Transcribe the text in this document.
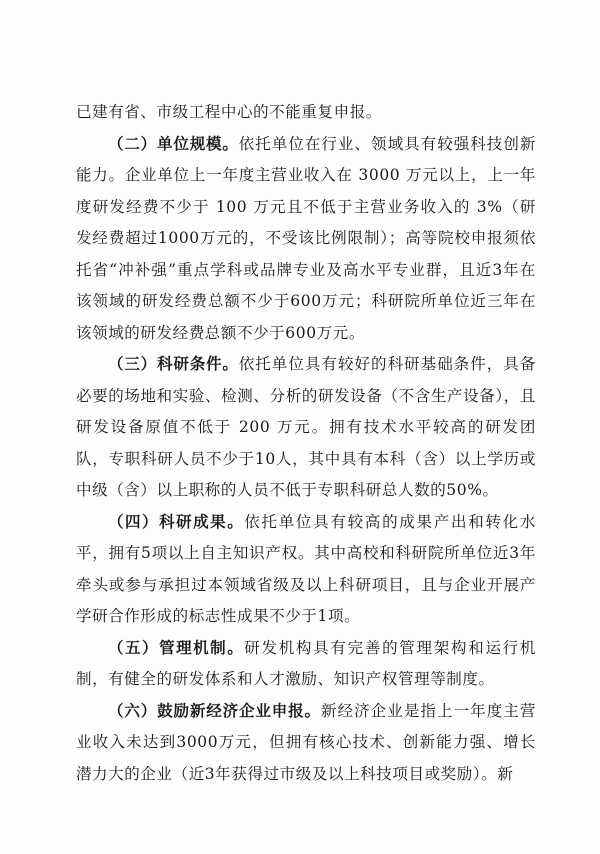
已建有省、市级工程中心的不能重复申报。

（二）单位规模。依托单位在行业、领域具有较强科技创新能力。企业单位上一年度主营业收入在 3000 万元以上，上一年度研发经费不少于 100 万元且不低于主营业务收入的 3%（研发经费超过1000万元的，不受该比例限制）；高等院校申报须依托省“冲补强”重点学科或品牌专业及高水平专业群，且近3年在该领域的研发经费总额不少于600万元；科研院所单位近三年在该领域的研发经费总额不少于600万元。

（三）科研条件。依托单位具有较好的科研基础条件，具备必要的场地和实验、检测、分析的研发设备（不含生产设备），且研发设备原值不低于 200 万元。拥有技术水平较高的研发团队，专职科研人员不少于10人，其中具有本科（含）以上学历或中级（含）以上职称的人员不低于专职科研总人数的50%。

（四）科研成果。依托单位具有较高的成果产出和转化水平，拥有5项以上自主知识产权。其中高校和科研院所单位近3年牵头或参与承担过本领域省级及以上科研项目，且与企业开展产学研合作形成的标志性成果不少于1项。

（五）管理机制。研发机构具有完善的管理架构和运行机制，有健全的研发体系和人才激励、知识产权管理等制度。

（六）鼓励新经济企业申报。新经济企业是指上一年度主营业收入未达到3000万元，但拥有核心技术、创新能力强、增长潜力大的企业（近3年获得过市级及以上科技项目或奖励）。新
